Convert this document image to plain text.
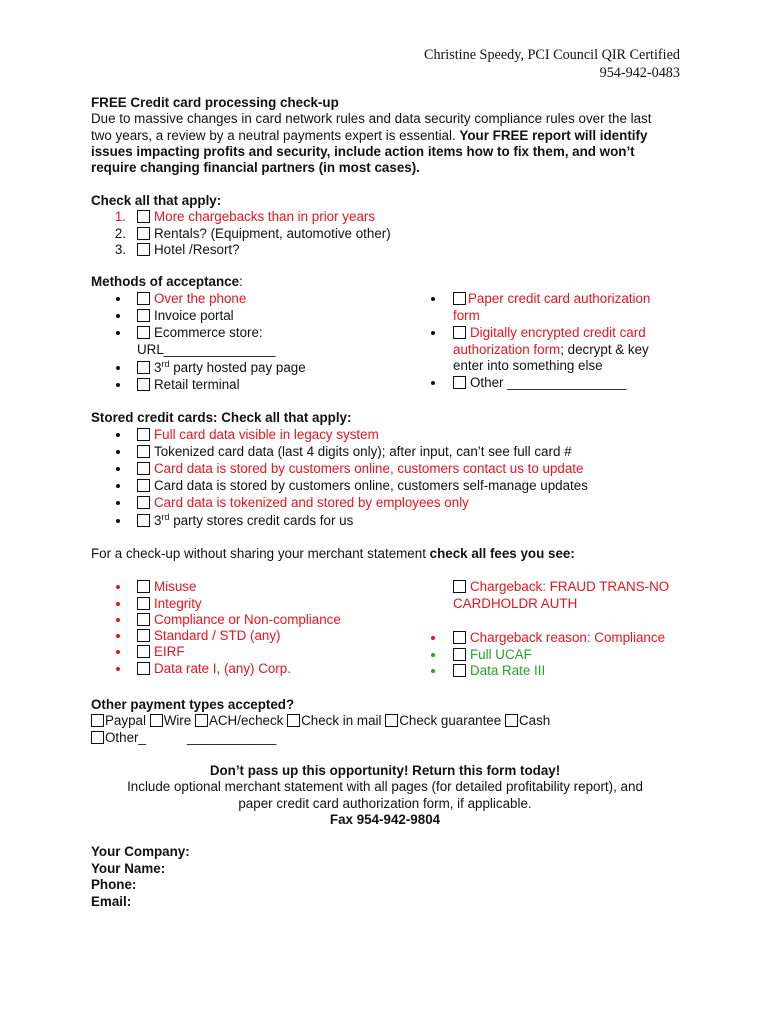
Christine Speedy, PCI Council QIR Certified
954-942-0483
FREE Credit card processing check-up
Due to massive changes in card network rules and data security compliance rules over the last
two years, a review by a neutral payments expert is essential. Your FREE report will identify
issues impacting profits and security, include action items how to fix them, and won’t
require changing financial partners (in most cases).
Check all that apply:
1.	More chargebacks than in prior years
2.	Rentals? (Equipment, automotive other)
3.	Hotel /Resort?
Methods of acceptance:
Over the phone
Invoice portal
Ecommerce store:
URL_______________
3rd party hosted pay page
Retail terminal
Paper credit card authorization
form
Digitally encrypted credit card
authorization form; decrypt & key
enter into something else
Other ________________
Stored credit cards: Check all that apply:
Full card data visible in legacy system
Tokenized card data (last 4 digits only); after input, can’t see full card #
Card data is stored by customers online, customers contact us to update
Card data is stored by customers online, customers self-manage updates
Card data is tokenized and stored by employees only
3rd party stores credit cards for us
For a check-up without sharing your merchant statement check all fees you see:
Misuse
Integrity
Compliance or Non-compliance
Standard / STD (any)
EIRF
Data rate I, (any) Corp.
Chargeback: FRAUD TRANS-NO
CARDHOLDR AUTH
Chargeback reason: Compliance
Full UCAF
Data Rate III
Other payment types accepted?
Paypal Wire ACH/echeck Check in mail Check guarantee Cash
Other_	____________
Don’t pass up this opportunity! Return this form today!
Include optional merchant statement with all pages (for detailed profitability report), and
paper credit card authorization form, if applicable.
Fax 954-942-9804
Your Company:
Your Name:
Phone:
Email:
